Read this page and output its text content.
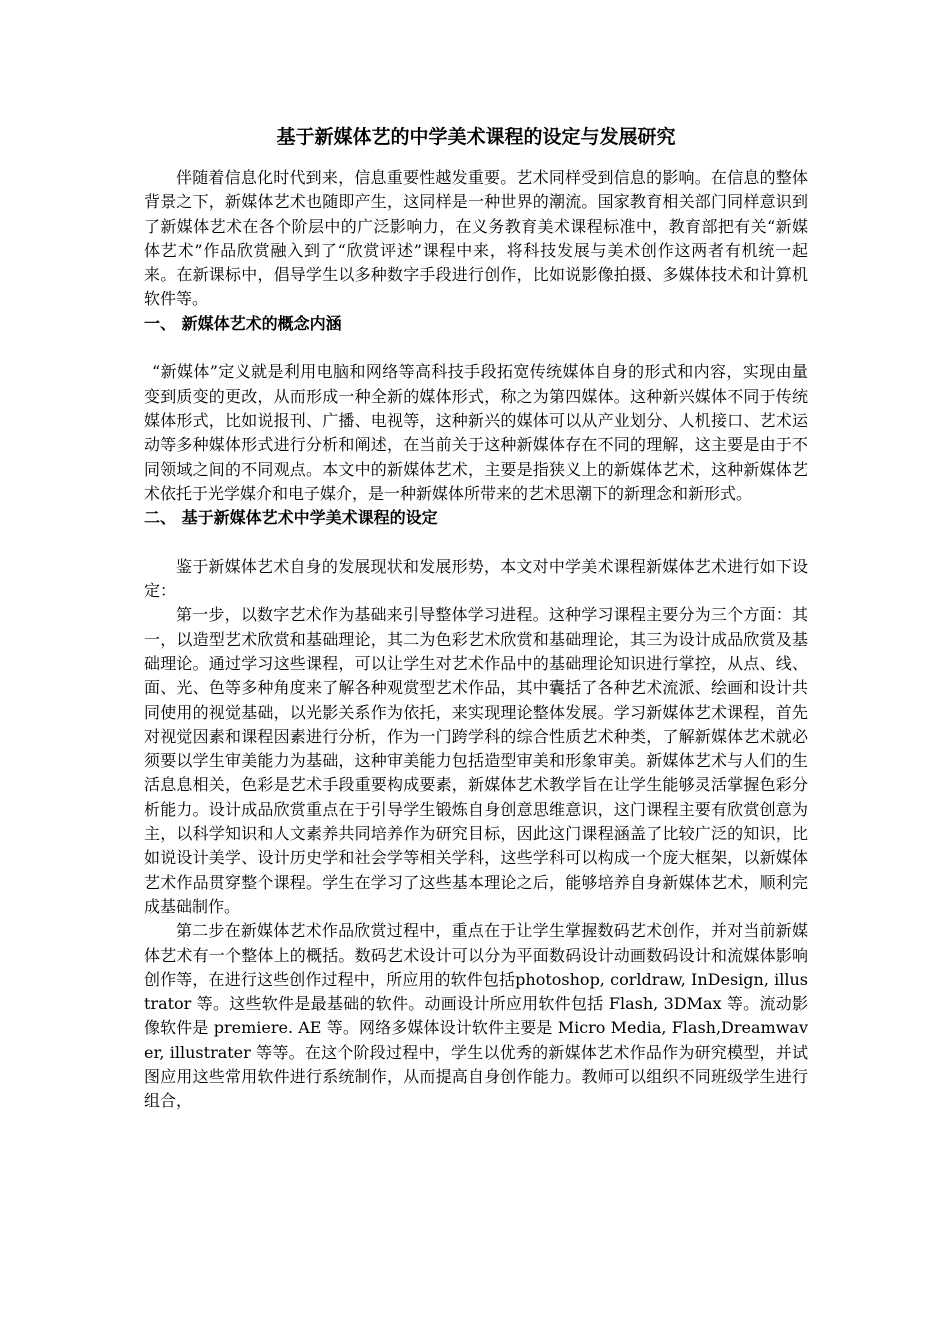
基于新媒体艺的中学美术课程的设定与发展研究

伴随着信息化时代到来，信息重要性越发重要。艺术同样受到信息的影响。在信息的整体背景之下，新媒体艺术也随即产生，这同样是一种世界的潮流。国家教育相关部门同样意识到了新媒体艺术在各个阶层中的广泛影响力，在义务教育美术课程标准中，教育部把有关“新媒体艺术”作品欣赏融入到了“欣赏评述”课程中来，将科技发展与美术创作这两者有机统一起来。在新课标中，倡导学生以多种数字手段进行创作，比如说影像拍摄、多媒体技术和计算机软件等。

一、 新媒体艺术的概念内涵

“新媒体”定义就是利用电脑和网络等高科技手段拓宽传统媒体自身的形式和内容，实现由量变到质变的更改，从而形成一种全新的媒体形式，称之为第四媒体。这种新兴媒体不同于传统媒体形式，比如说报刊、广播、电视等，这种新兴的媒体可以从产业划分、人机接口、艺术运动等多种媒体形式进行分析和阐述，在当前关于这种新媒体存在不同的理解，这主要是由于不同领域之间的不同观点。本文中的新媒体艺术，主要是指狭义上的新媒体艺术，这种新媒体艺术依托于光学媒介和电子媒介，是一种新媒体所带来的艺术思潮下的新理念和新形式。

二、 基于新媒体艺术中学美术课程的设定

鉴于新媒体艺术自身的发展现状和发展形势，本文对中学美术课程新媒体艺术进行如下设定：

第一步，以数字艺术作为基础来引导整体学习进程。这种学习课程主要分为三个方面：其一，以造型艺术欣赏和基础理论，其二为色彩艺术欣赏和基础理论，其三为设计成品欣赏及基础理论。通过学习这些课程，可以让学生对艺术作品中的基础理论知识进行掌控，从点、线、面、光、色等多种角度来了解各种观赏型艺术作品，其中囊括了各种艺术流派、绘画和设计共同使用的视觉基础，以光影关系作为依托，来实现理论整体发展。学习新媒体艺术课程，首先对视觉因素和课程因素进行分析，作为一门跨学科的综合性质艺术种类，了解新媒体艺术就必须要以学生审美能力为基础，这种审美能力包括造型审美和形象审美。新媒体艺术与人们的生活息息相关，色彩是艺术手段重要构成要素，新媒体艺术教学旨在让学生能够灵活掌握色彩分析能力。设计成品欣赏重点在于引导学生锻炼自身创意思维意识，这门课程主要有欣赏创意为主，以科学知识和人文素养共同培养作为研究目标，因此这门课程涵盖了比较广泛的知识，比如说设计美学、设计历史学和社会学等相关学科，这些学科可以构成一个庞大框架，以新媒体艺术作品贯穿整个课程。学生在学习了这些基本理论之后，能够培养自身新媒体艺术，顺利完成基础制作。

第二步在新媒体艺术作品欣赏过程中，重点在于让学生掌握数码艺术创作，并对当前新媒体艺术有一个整体上的概括。数码艺术设计可以分为平面数码设计动画数码设计和流媒体影响创作等，在进行这些创作过程中，所应用的软件包括photoshop, corldraw, InDesign, illustrator 等。这些软件是最基础的软件。动画设计所应用软件包括 Flash, 3DMax 等。流动影像软件是 premiere. AE 等。网络多媒体设计软件主要是 Micro Media, Flash,Dreamwaver, illustrater 等等。在这个阶段过程中，学生以优秀的新媒体艺术作品作为研究模型，并试图应用这些常用软件进行系统制作，从而提高自身创作能力。教师可以组织不同班级学生进行组合，
